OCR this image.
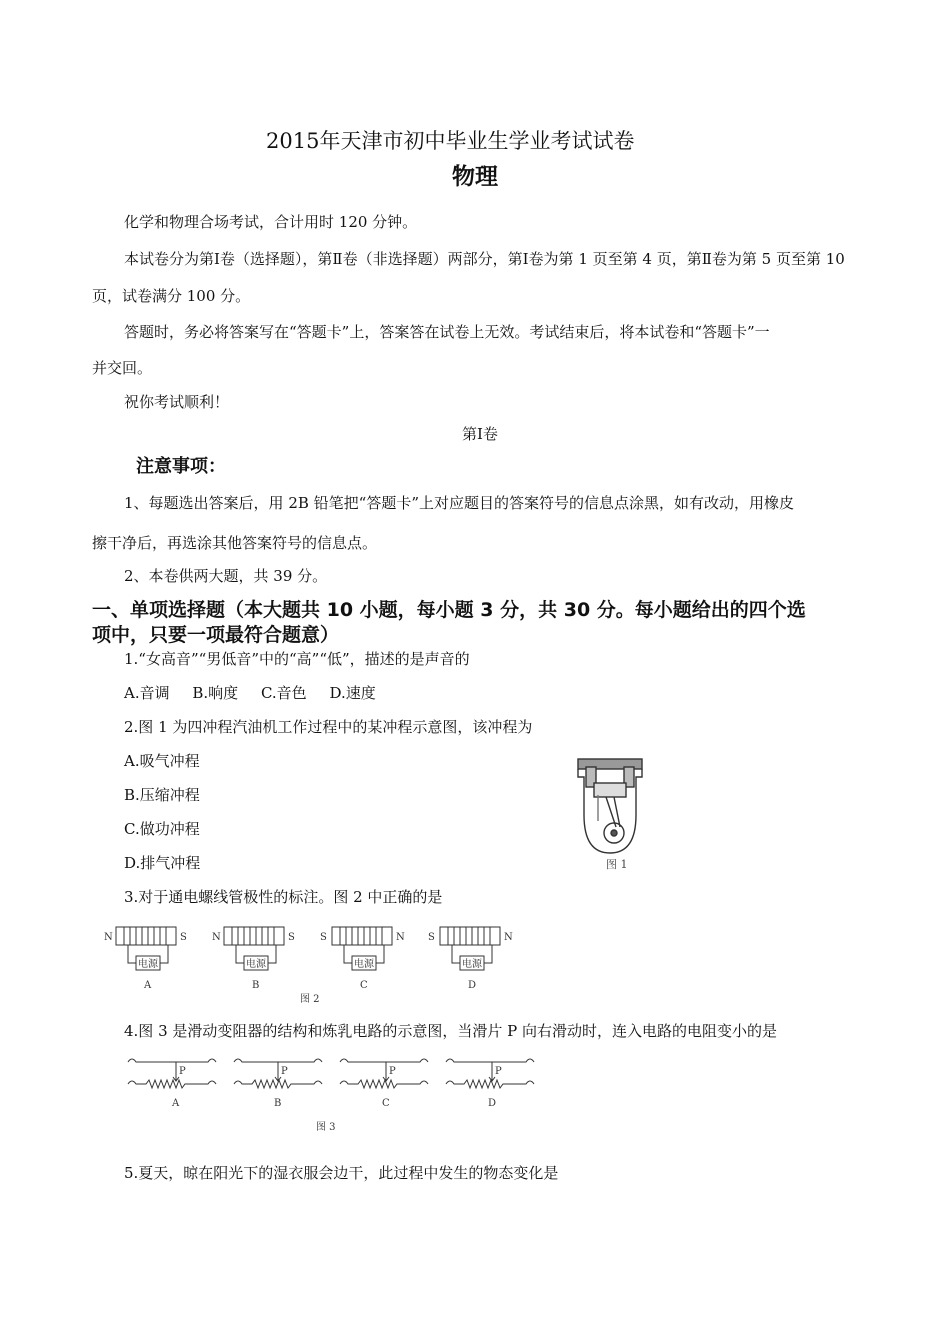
2015年天津市初中毕业生学业考试试卷
物理
化学和物理合场考试，合计用时 120 分钟。
本试卷分为第Ⅰ卷（选择题），第Ⅱ卷（非选择题）两部分，第Ⅰ卷为第 1 页至第 4 页，第Ⅱ卷为第 5 页至第 10
页，试卷满分 100 分。
答题时，务必将答案写在“答题卡”上，答案答在试卷上无效。考试结束后，将本试卷和“答题卡”一
并交回。
祝你考试顺利！
第Ⅰ卷
注意事项：
1、每题选出答案后，用 2B 铅笔把“答题卡”上对应题目的答案符号的信息点涂黑，如有改动，用橡皮
擦干净后，再选涂其他答案符号的信息点。
2、本卷供两大题，共 39 分。
一、单项选择题（本大题共 10 小题，每小题 3 分，共 30 分。每小题给出的四个选
项中，只要一项最符合题意）
1.“女高音”“男低音”中的“高”“低”，描述的是声音的
A.音调 B.响度 C.音色 D.速度
2.图 1 为四冲程汽油机工作过程中的某冲程示意图，该冲程为
A.吸气冲程
B.压缩冲程
C.做功冲程
D.排气冲程	图 1
3.对于通电螺线管极性的标注。图 2 中正确的是
N	S
电源
A
N	S
电源
B
S	N
电源
C
S	N
电源
D
图 2
4.图 3 是滑动变阻器的结构和炼乳电路的示意图，当滑片 P 向右滑动时，连入电路的电阻变小的是
P
A
P
B
P
C
P
D
图 3
5.夏天，晾在阳光下的湿衣服会边干，此过程中发生的物态变化是
